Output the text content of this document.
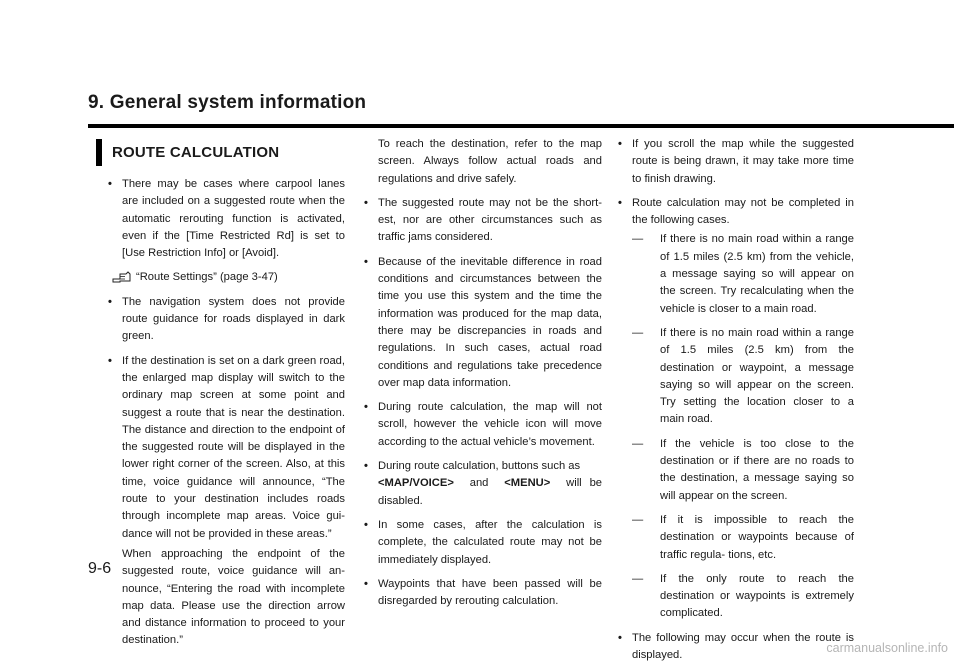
9. General system information
ROUTE CALCULATION
• There may be cases where carpool lanes are included on a suggested route when the automatic rerouting function is activated, even if the [Time Restricted Rd] is set to [Use Restriction Info] or [Avoid].
“Route Settings” (page 3-47)
• The navigation system does not provide route guidance for roads displayed in dark green.
• If the destination is set on a dark green road, the enlarged map display will switch to the ordinary map screen at some point and suggest a route that is near the destination. The distance and direction to the endpoint of the suggested route will be displayed in the lower right corner of the screen. Also, at this time, voice guidance will announce, “The route to your destination includes roads through incomplete map areas. Voice gui- dance will not be provided in these areas.”
When approaching the endpoint of the suggested route, voice guidance will an- nounce, “Entering the road with incomplete map data. Please use the direction arrow and distance information to proceed to your destination.”

To reach the destination, refer to the map screen. Always follow actual roads and regulations and drive safely.

• The suggested route may not be the short- est, nor are other circumstances such as traffic jams considered.
• Because of the inevitable difference in road conditions and circumstances between the time you use this system and the time the information was produced for the map data, there may be discrepancies in roads and regulations. In such cases, actual road conditions and regulations take precedence over map data information.
• During route calculation, the map will not scroll, however the vehicle icon will move according to the actual vehicle’s movement.
• During route calculation, buttons such as
<MAP/VOICE> and <MENU> will be disabled.
• In some cases, after the calculation is complete, the calculated route may not be immediately displayed.
• Waypoints that have been passed will be disregarded by rerouting calculation.
• If you scroll the map while the suggested route is being drawn, it may take more time to finish drawing.
• Route calculation may not be completed in the following cases.
— If there is no main road within a range of 1.5 miles (2.5 km) from the vehicle, a message saying so will appear on the screen. Try recalculating when the vehicle is closer to a main road.
— If there is no main road within a range of 1.5 miles (2.5 km) from the destination or waypoint, a message saying so will appear on the screen. Try setting the location closer to a main road.
— If the vehicle is too close to the destination or if there are no roads to the destination, a message saying so will appear on the screen.
— If it is impossible to reach the destination or waypoints because of traffic regula- tions, etc.
— If the only route to reach the destination or waypoints is extremely complicated.
• The following may occur when the route is displayed.
9-6
carmanualsonline.info
